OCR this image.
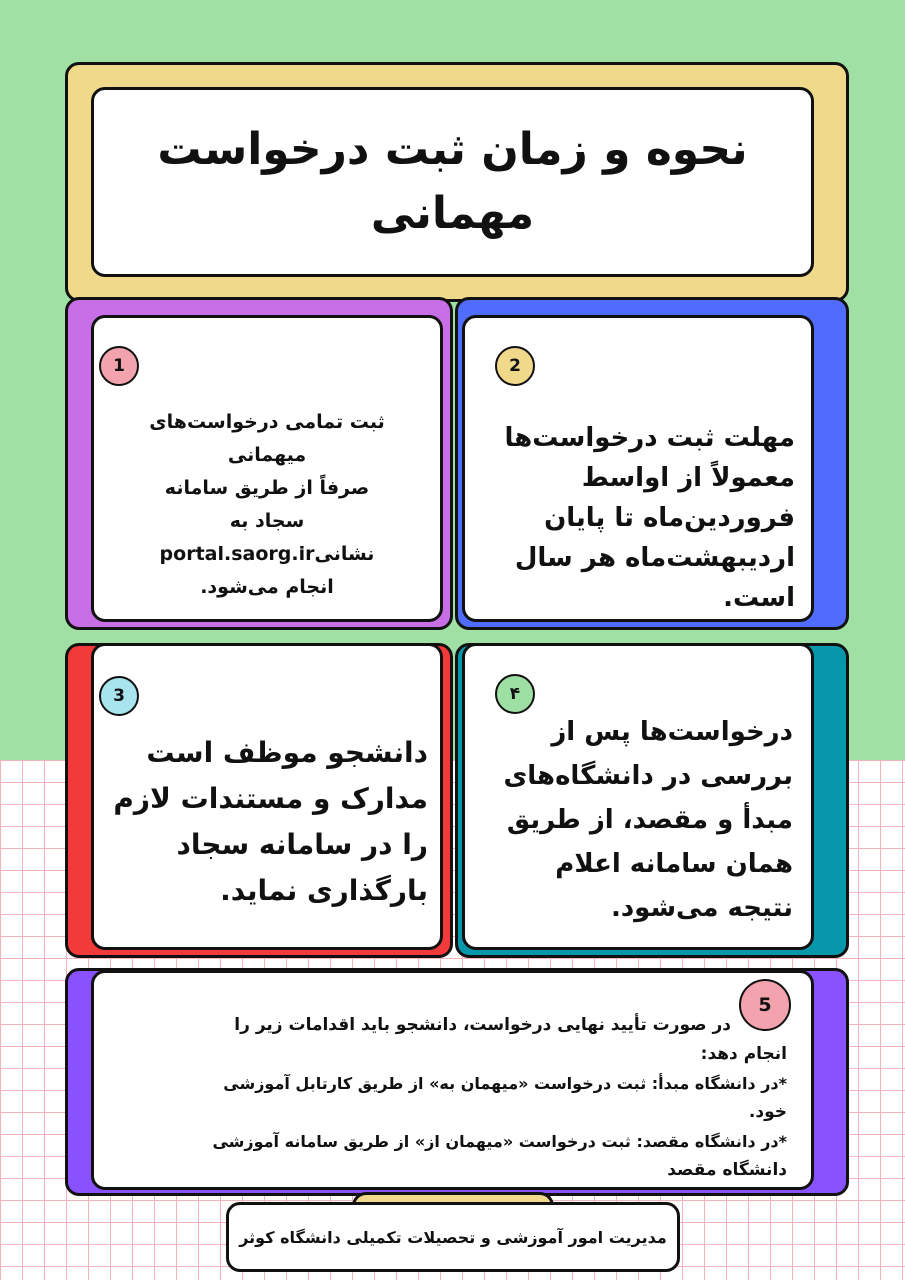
نحوه و زمان ثبت درخواست
مهمانی
1
ثبت تمامی درخواست‌های
میهمانی
صرفاً از طریق سامانه
سجاد به
نشانیportal.saorg.ir
انجام می‌شود.
2
مهلت ثبت درخواست‌ها
معمولاً از اواسط
فروردین‌ماه تا پایان
اردیبهشت‌ماه هر سال
است.
3
دانشجو موظف است
مدارک و مستندات لازم
را در سامانه سجاد
بارگذاری نماید.
۴
درخواست‌ها پس از
بررسی در دانشگاه‌های
مبدأ و مقصد، از طریق
همان سامانه اعلام
نتیجه می‌شود.
5
در صورت تأیید نهایی درخواست، دانشجو باید اقدامات زیر را
انجام دهد:
*در دانشگاه مبدأ: ثبت درخواست «میهمان به» از طریق کارتابل آموزشی
خود.
*در دانشگاه مقصد: ثبت درخواست «میهمان از» از طریق سامانه آموزشی
دانشگاه مقصد
مدیریت امور آموزشی و تحصیلات تکمیلی دانشگاه کوثر
